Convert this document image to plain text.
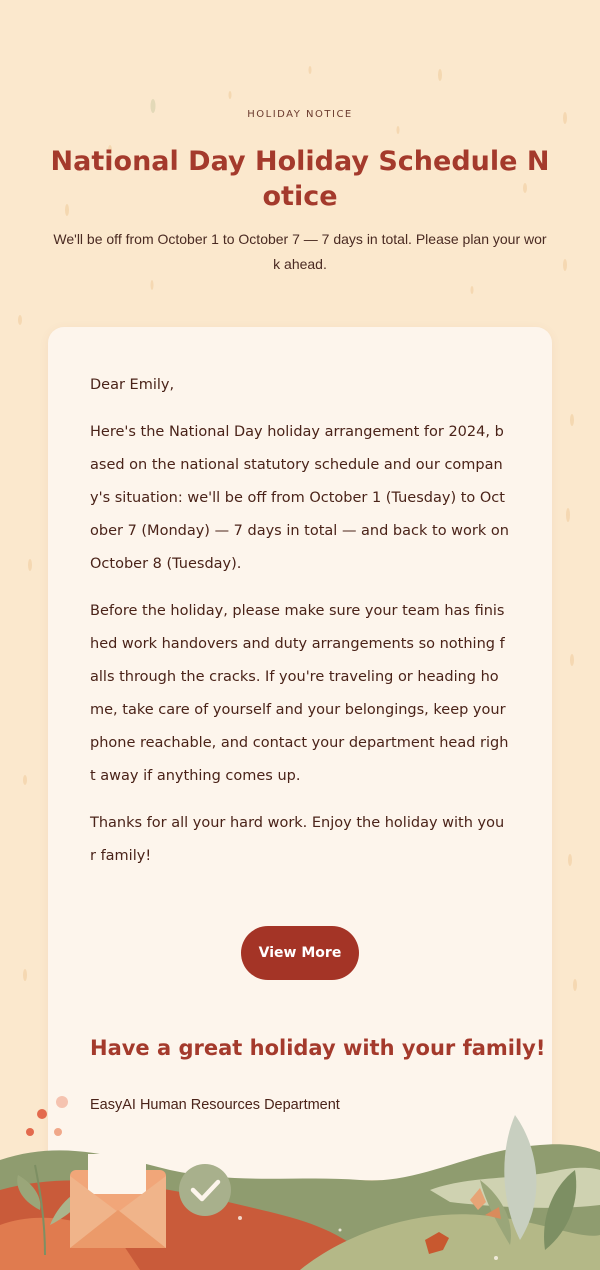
HOLIDAY NOTICE
National Day Holiday Schedule Notice

We'll be off from October 1 to October 7 — 7 days in total. Please plan your work ahead.

Dear Emily,

Here's the National Day holiday arrangement for 2024, based on the national statutory schedule and our company's situation: we'll be off from October 1 (Tuesday) to October 7 (Monday) — 7 days in total — and back to work on October 8 (Tuesday).

Before the holiday, please make sure your team has finished work handovers and duty arrangements so nothing falls through the cracks. If you're traveling or heading home, take care of yourself and your belongings, keep your phone reachable, and contact your department head right away if anything comes up.

Thanks for all your hard work. Enjoy the holiday with your family!

View More

Have a great holiday with your family!

EasyAI Human Resources Department
